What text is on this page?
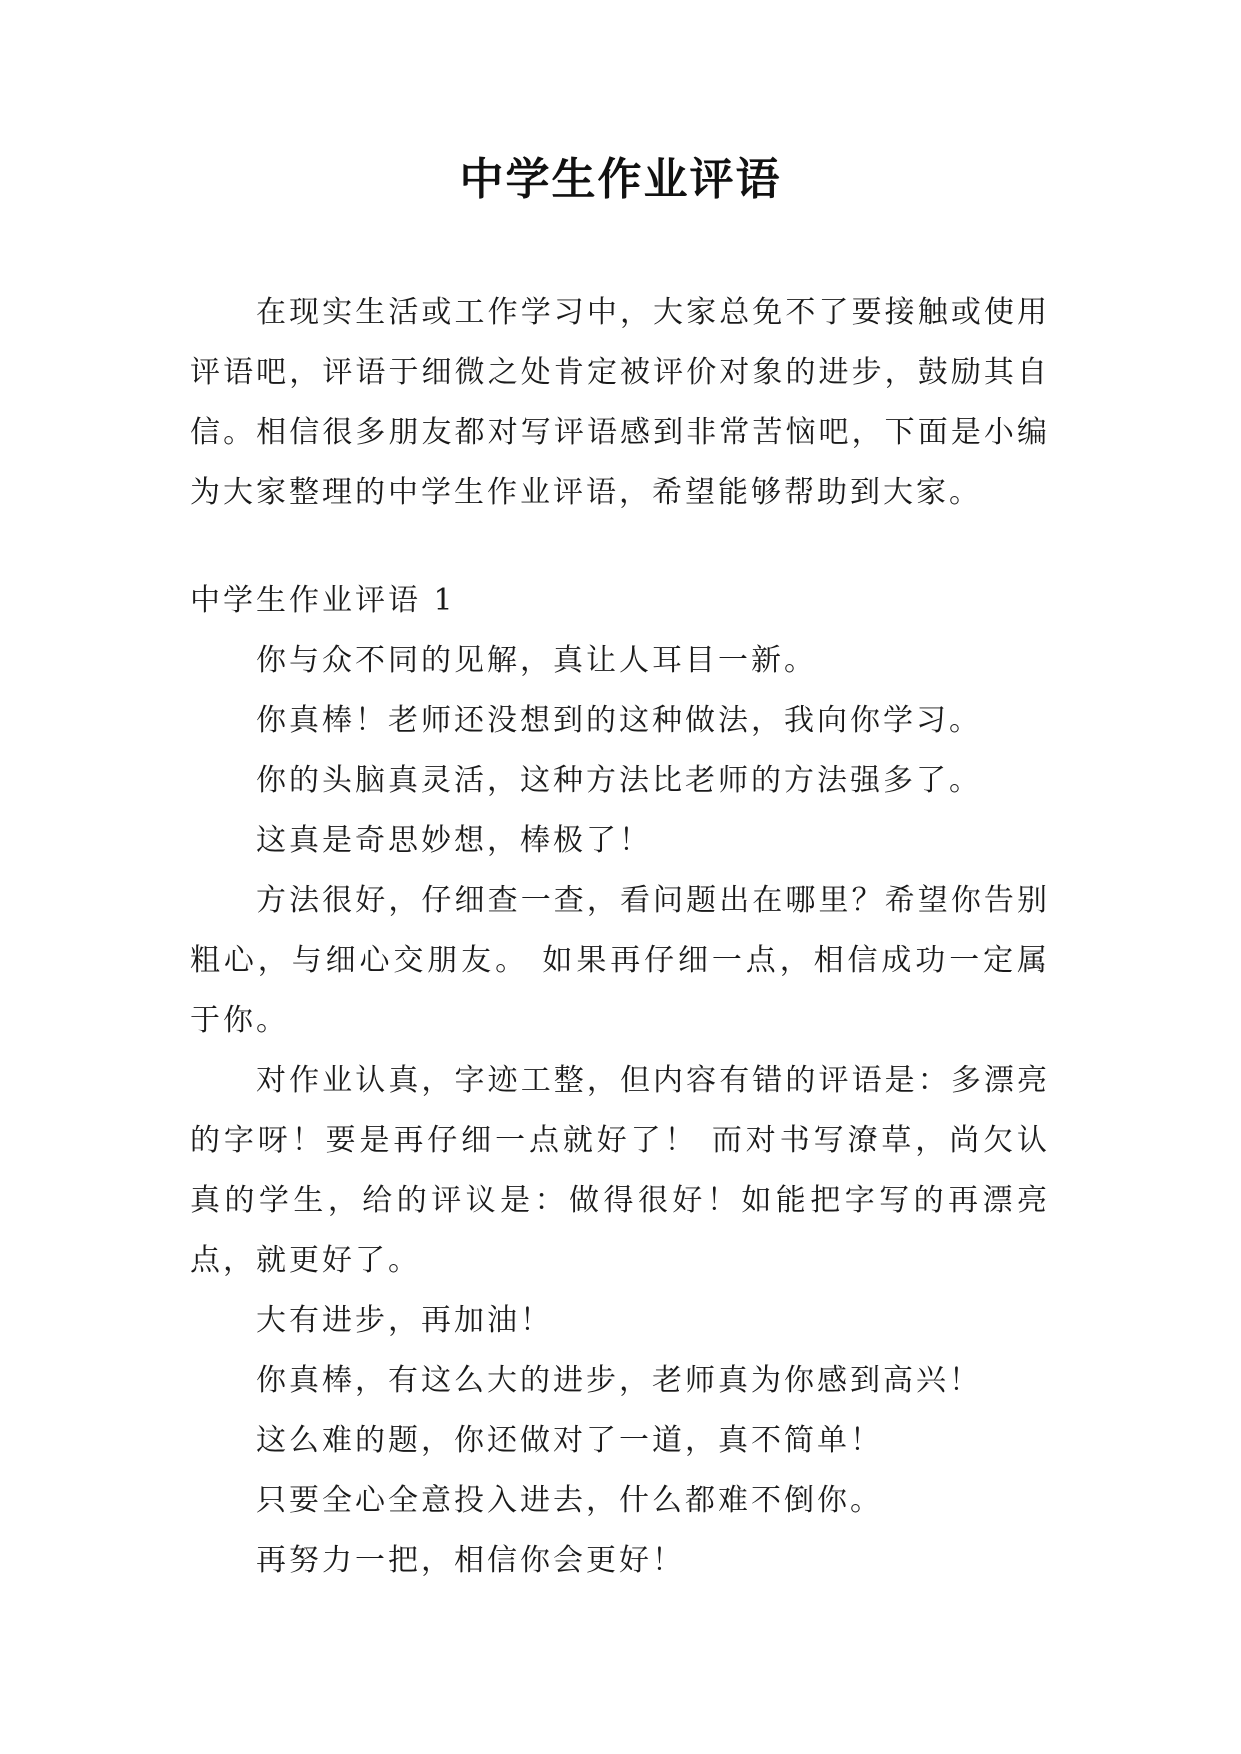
中学生作业评语

在现实生活或工作学习中，大家总免不了要接触或使用评语吧，评语于细微之处肯定被评价对象的进步，鼓励其自信。相信很多朋友都对写评语感到非常苦恼吧，下面是小编为大家整理的中学生作业评语，希望能够帮助到大家。

中学生作业评语 1

你与众不同的见解，真让人耳目一新。

你真棒！老师还没想到的这种做法，我向你学习。

你的头脑真灵活，这种方法比老师的方法强多了。

这真是奇思妙想，棒极了！

方法很好，仔细查一查，看问题出在哪里？希望你告别粗心，与细心交朋友。 如果再仔细一点，相信成功一定属于你。

对作业认真，字迹工整，但内容有错的评语是：多漂亮的字呀！要是再仔细一点就好了！ 而对书写潦草，尚欠认真的学生，给的评议是：做得很好！如能把字写的再漂亮点，就更好了。

大有进步，再加油！

你真棒，有这么大的进步，老师真为你感到高兴！

这么难的题，你还做对了一道，真不简单！

只要全心全意投入进去，什么都难不倒你。

再努力一把，相信你会更好！
